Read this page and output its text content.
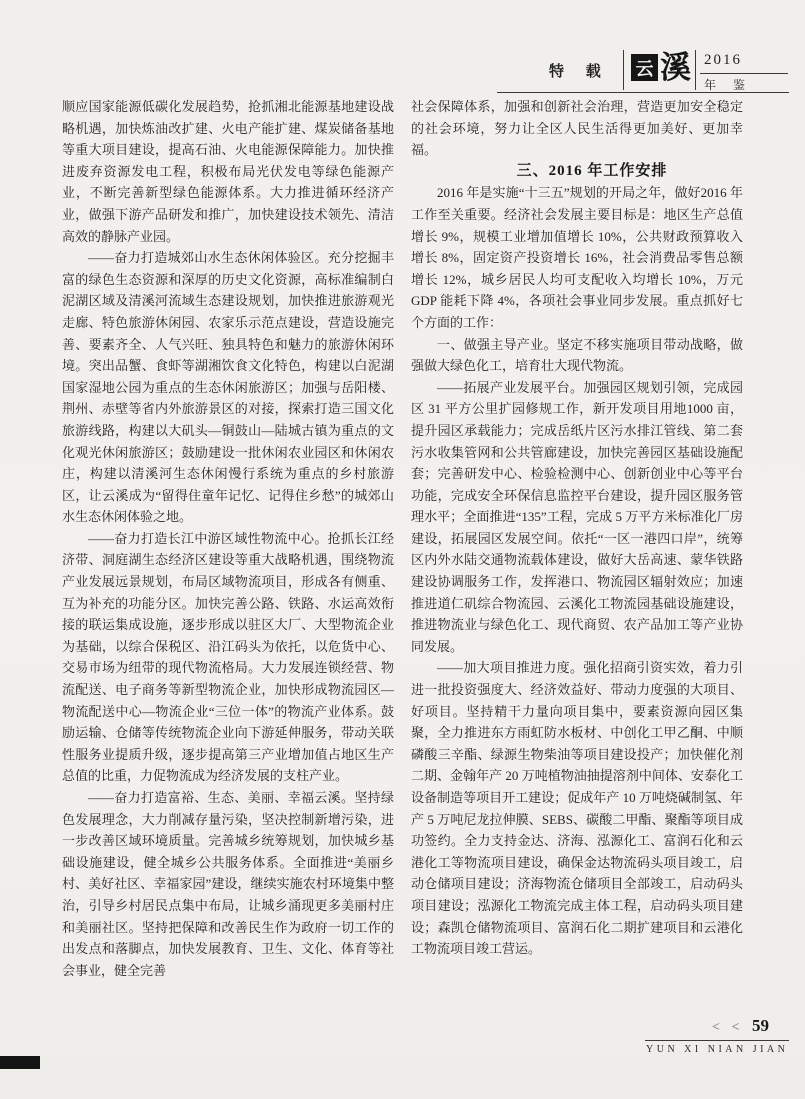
特 载 云 溪 2016
年 鉴

顺应国家能源低碳化发展趋势，抢抓湘北能源基地建设战略机遇，加快炼油改扩建、火电产能扩建、煤炭储备基地等重大项目建设，提高石油、火电能源保障能力。加快推进废弃资源发电工程，积极布局光伏发电等绿色能源产业，不断完善新型绿色能源体系。大力推进循环经济产业，做强下游产品研发和推广，加快建设技术领先、清洁高效的静脉产业园。

——奋力打造城郊山水生态休闲体验区。充分挖掘丰富的绿色生态资源和深厚的历史文化资源，高标准编制白泥湖区域及清溪河流域生态建设规划，加快推进旅游观光走廊、特色旅游休闲园、农家乐示范点建设，营造设施完善、要素齐全、人气兴旺、独具特色和魅力的旅游休闲环境。突出品蟹、食虾等湖湘饮食文化特色，构建以白泥湖国家湿地公园为重点的生态休闲旅游区；加强与岳阳楼、荆州、赤壁等省内外旅游景区的对接，探索打造三国文化旅游线路，构建以大矶头—铜鼓山—陆城古镇为重点的文化观光休闲旅游区；鼓励建设一批休闲农业园区和休闲农庄，构建以清溪河生态休闲慢行系统为重点的乡村旅游区，让云溪成为“留得住童年记忆、记得住乡愁”的城郊山水生态休闲体验之地。

——奋力打造长江中游区域性物流中心。抢抓长江经济带、洞庭湖生态经济区建设等重大战略机遇，围绕物流产业发展远景规划，布局区域物流项目，形成各有侧重、互为补充的功能分区。加快完善公路、铁路、水运高效衔接的联运集成设施，逐步形成以驻区大厂、大型物流企业为基础，以综合保税区、沿江码头为依托，以危货中心、交易市场为纽带的现代物流格局。大力发展连锁经营、物流配送、电子商务等新型物流企业，加快形成物流园区—物流配送中心—物流企业“三位一体”的物流产业体系。鼓励运输、仓储等传统物流企业向下游延伸服务，带动关联性服务业提质升级，逐步提高第三产业增加值占地区生产总值的比重，力促物流成为经济发展的支柱产业。

——奋力打造富裕、生态、美丽、幸福云溪。坚持绿色发展理念，大力削减存量污染，坚决控制新增污染，进一步改善区域环境质量。完善城乡统筹规划，加快城乡基础设施建设，健全城乡公共服务体系。全面推进“美丽乡村、美好社区、幸福家园”建设，继续实施农村环境集中整治，引导乡村居民点集中布局，让城乡涌现更多美丽村庄和美丽社区。坚持把保障和改善民生作为政府一切工作的出发点和落脚点，加快发展教育、卫生、文化、体育等社会事业，健全完善

社会保障体系，加强和创新社会治理，营造更加安全稳定的社会环境，努力让全区人民生活得更加美好、更加幸福。

三、2016 年工作安排

2016 年是实施“十三五”规划的开局之年，做好2016 年工作至关重要。经济社会发展主要目标是：地区生产总值增长 9%，规模工业增加值增长 10%，公共财政预算收入增长 8%，固定资产投资增长 16%，社会消费品零售总额增长 12%，城乡居民人均可支配收入均增长 10%，万元 GDP 能耗下降 4%，各项社会事业同步发展。重点抓好七个方面的工作：

一、做强主导产业。坚定不移实施项目带动战略，做强做大绿色化工，培育壮大现代物流。

——拓展产业发展平台。加强园区规划引领，完成园区 31 平方公里扩园修规工作，新开发项目用地1000 亩，提升园区承载能力；完成岳纸片区污水排江管线、第二套污水收集管网和公共管廊建设，加快完善园区基础设施配套；完善研发中心、检验检测中心、创新创业中心等平台功能，完成安全环保信息监控平台建设，提升园区服务管理水平；全面推进“135”工程，完成 5 万平方米标准化厂房建设，拓展园区发展空间。依托“一区一港四口岸”，统筹区内外水陆交通物流载体建设，做好大岳高速、蒙华铁路建设协调服务工作，发挥港口、物流园区辐射效应；加速推进道仁矶综合物流园、云溪化工物流园基础设施建设，推进物流业与绿色化工、现代商贸、农产品加工等产业协同发展。

——加大项目推进力度。强化招商引资实效，着力引进一批投资强度大、经济效益好、带动力度强的大项目、好项目。坚持精干力量向项目集中，要素资源向园区集聚，全力推进东方雨虹防水板材、中创化工甲乙酮、中顺磷酸三辛酯、绿源生物柴油等项目建设投产；加快催化剂二期、金翰年产 20 万吨植物油抽提溶剂中间体、安泰化工设备制造等项目开工建设；促成年产 10 万吨烧碱制氢、年产 5 万吨尼龙拉伸膜、SEBS、碳酸二甲酯、聚酯等项目成功签约。全力支持金达、济海、泓源化工、富润石化和云港化工等物流项目建设，确保金达物流码头项目竣工，启动仓储项目建设；济海物流仓储项目全部竣工，启动码头项目建设；泓源化工物流完成主体工程，启动码头项目建设；森凯仓储物流项目、富润石化二期扩建项目和云港化工物流项目竣工营运。

< < 59
YUN XI NIAN JIAN
